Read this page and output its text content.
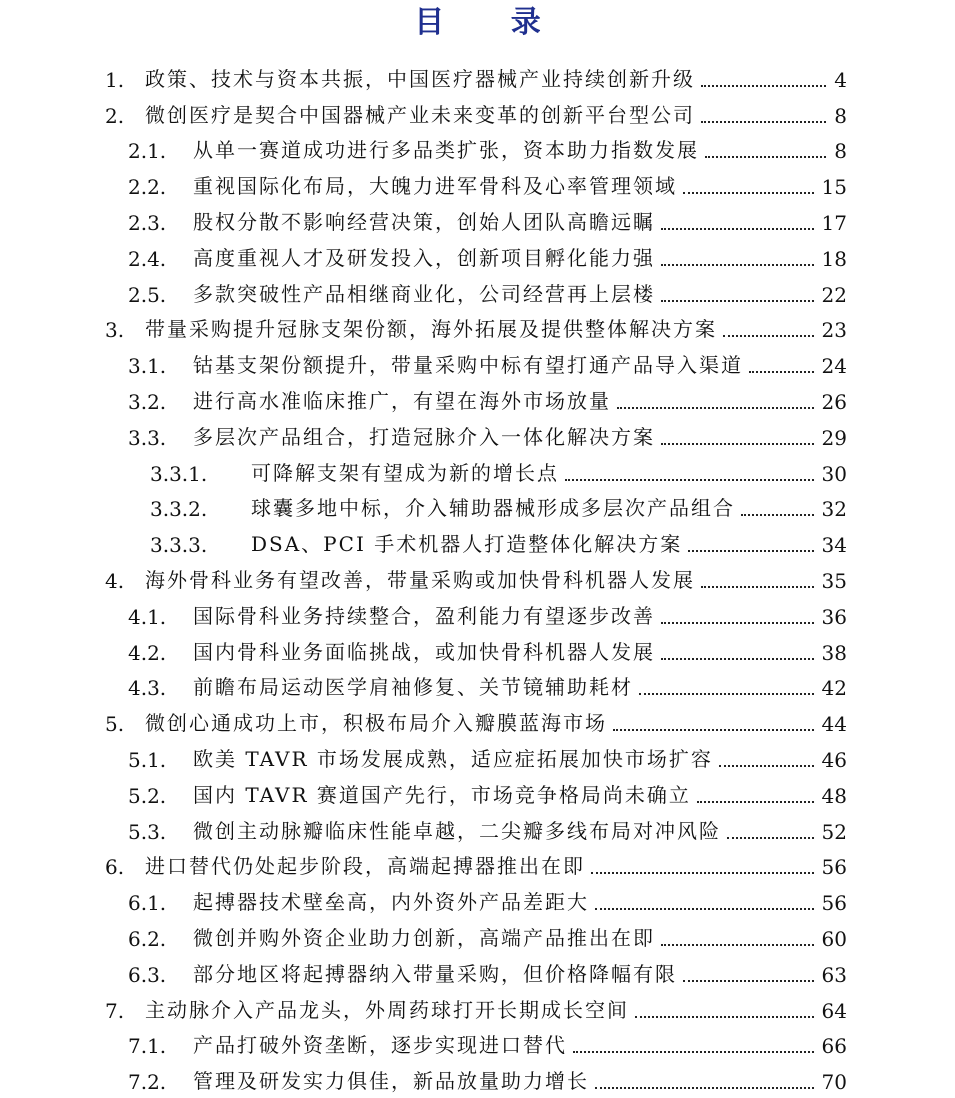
目 录
1. 政策、技术与资本共振，中国医疗器械产业持续创新升级	4
2. 微创医疗是契合中国器械产业未来变革的创新平台型公司	8
2.1. 从单一赛道成功进行多品类扩张，资本助力指数发展	8
2.2. 重视国际化布局，大魄力进军骨科及心率管理领域	15
2.3. 股权分散不影响经营决策，创始人团队高瞻远瞩	17
2.4. 高度重视人才及研发投入，创新项目孵化能力强	18
2.5. 多款突破性产品相继商业化，公司经营再上层楼	22
3. 带量采购提升冠脉支架份额，海外拓展及提供整体解决方案	23
3.1. 钴基支架份额提升，带量采购中标有望打通产品导入渠道	24
3.2. 进行高水准临床推广，有望在海外市场放量	26
3.3. 多层次产品组合，打造冠脉介入一体化解决方案	29
3.3.1. 可降解支架有望成为新的增长点	30
3.3.2. 球囊多地中标，介入辅助器械形成多层次产品组合	32
3.3.3. DSA、PCI 手术机器人打造整体化解决方案	34
4. 海外骨科业务有望改善，带量采购或加快骨科机器人发展	35
4.1. 国际骨科业务持续整合，盈利能力有望逐步改善	36
4.2. 国内骨科业务面临挑战，或加快骨科机器人发展	38
4.3. 前瞻布局运动医学肩袖修复、关节镜辅助耗材	42
5. 微创心通成功上市，积极布局介入瓣膜蓝海市场	44
5.1. 欧美 TAVR 市场发展成熟，适应症拓展加快市场扩容	46
5.2. 国内 TAVR 赛道国产先行，市场竞争格局尚未确立	48
5.3. 微创主动脉瓣临床性能卓越，二尖瓣多线布局对冲风险	52
6. 进口替代仍处起步阶段，高端起搏器推出在即	56
6.1. 起搏器技术壁垒高，内外资外产品差距大	56
6.2. 微创并购外资企业助力创新，高端产品推出在即	60
6.3. 部分地区将起搏器纳入带量采购，但价格降幅有限	63
7. 主动脉介入产品龙头，外周药球打开长期成长空间	64
7.1. 产品打破外资垄断，逐步实现进口替代	66
7.2. 管理及研发实力俱佳，新品放量助力增长	70
